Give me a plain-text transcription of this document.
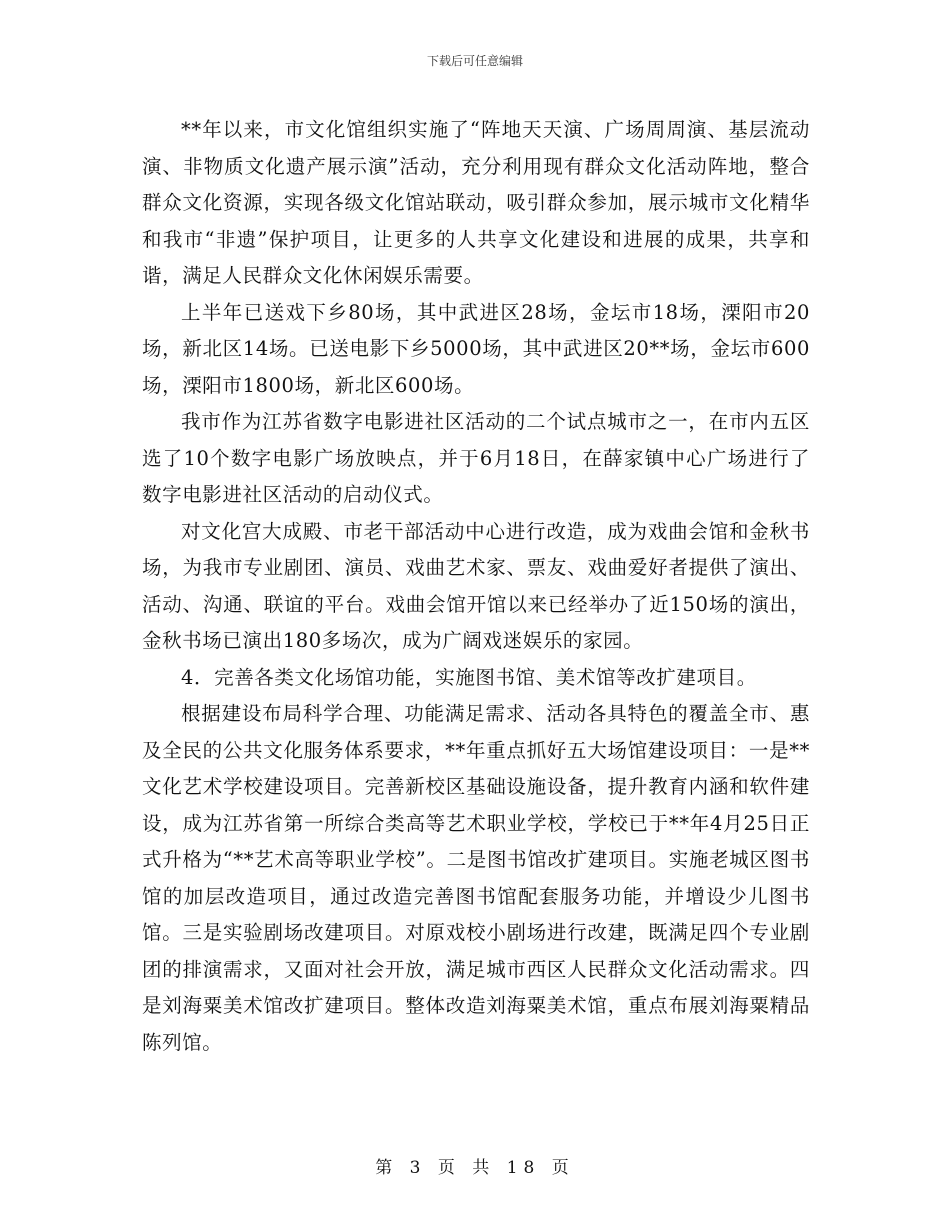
下载后可任意编辑

**年以来，市文化馆组织实施了“阵地天天演、广场周周演、基层流动演、非物质文化遗产展示演”活动，充分利用现有群众文化活动阵地，整合群众文化资源，实现各级文化馆站联动，吸引群众参加，展示城市文化精华和我市“非遗”保护项目，让更多的人共享文化建设和进展的成果，共享和谐，满足人民群众文化休闲娱乐需要。

上半年已送戏下乡80场，其中武进区28场，金坛市18场，溧阳市20场，新北区14场。已送电影下乡5000场，其中武进区20**场，金坛市600场，溧阳市1800场，新北区600场。

我市作为江苏省数字电影进社区活动的二个试点城市之一，在市内五区选了10个数字电影广场放映点，并于6月18日，在薛家镇中心广场进行了数字电影进社区活动的启动仪式。

对文化宫大成殿、市老干部活动中心进行改造，成为戏曲会馆和金秋书场，为我市专业剧团、演员、戏曲艺术家、票友、戏曲爱好者提供了演出、活动、沟通、联谊的平台。戏曲会馆开馆以来已经举办了近150场的演出，金秋书场已演出180多场次，成为广阔戏迷娱乐的家园。

4．完善各类文化场馆功能，实施图书馆、美术馆等改扩建项目。

根据建设布局科学合理、功能满足需求、活动各具特色的覆盖全市、惠及全民的公共文化服务体系要求，**年重点抓好五大场馆建设项目：一是**文化艺术学校建设项目。完善新校区基础设施设备，提升教育内涵和软件建设，成为江苏省第一所综合类高等艺术职业学校，学校已于**年4月25日正式升格为“**艺术高等职业学校”。二是图书馆改扩建项目。实施老城区图书馆的加层改造项目，通过改造完善图书馆配套服务功能，并增设少儿图书馆。三是实验剧场改建项目。对原戏校小剧场进行改建，既满足四个专业剧团的排演需求，又面对社会开放，满足城市西区人民群众文化活动需求。四是刘海粟美术馆改扩建项目。整体改造刘海粟美术馆，重点布展刘海粟精品陈列馆。

第 3 页 共 18 页
